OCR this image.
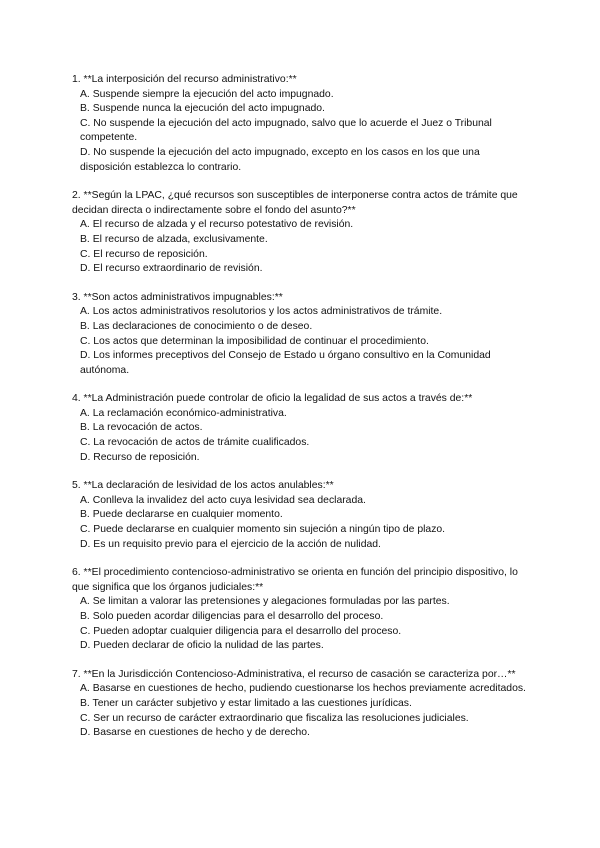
1. **La interposición del recurso administrativo:**

A. Suspende siempre la ejecución del acto impugnado.

B. Suspende nunca la ejecución del acto impugnado.

C. No suspende la ejecución del acto impugnado, salvo que lo acuerde el Juez o Tribunal competente.

D. No suspende la ejecución del acto impugnado, excepto en los casos en los que una disposición establezca lo contrario.

2. **Según la LPAC, ¿qué recursos son susceptibles de interponerse contra actos de trámite que decidan directa o indirectamente sobre el fondo del asunto?**

A. El recurso de alzada y el recurso potestativo de revisión.

B. El recurso de alzada, exclusivamente.

C. El recurso de reposición.

D. El recurso extraordinario de revisión.

3. **Son actos administrativos impugnables:**

A. Los actos administrativos resolutorios y los actos administrativos de trámite.

B. Las declaraciones de conocimiento o de deseo.

C. Los actos que determinan la imposibilidad de continuar el procedimiento.

D. Los informes preceptivos del Consejo de Estado u órgano consultivo en la Comunidad autónoma.

4. **La Administración puede controlar de oficio la legalidad de sus actos a través de:**

A. La reclamación económico-administrativa.

B. La revocación de actos.

C. La revocación de actos de trámite cualificados.

D. Recurso de reposición.

5. **La declaración de lesividad de los actos anulables:**

A. Conlleva la invalidez del acto cuya lesividad sea declarada.

B. Puede declararse en cualquier momento.

C. Puede declararse en cualquier momento sin sujeción a ningún tipo de plazo.

D. Es un requisito previo para el ejercicio de la acción de nulidad.

6. **El procedimiento contencioso-administrativo se orienta en función del principio dispositivo, lo que significa que los órganos judiciales:**

A. Se limitan a valorar las pretensiones y alegaciones formuladas por las partes.

B. Solo pueden acordar diligencias para el desarrollo del proceso.

C. Pueden adoptar cualquier diligencia para el desarrollo del proceso.

D. Pueden declarar de oficio la nulidad de las partes.

7. **En la Jurisdicción Contencioso-Administrativa, el recurso de casación se caracteriza por…**

A. Basarse en cuestiones de hecho, pudiendo cuestionarse los hechos previamente acreditados.

B. Tener un carácter subjetivo y estar limitado a las cuestiones jurídicas.

C. Ser un recurso de carácter extraordinario que fiscaliza las resoluciones judiciales.

D. Basarse en cuestiones de hecho y de derecho.
